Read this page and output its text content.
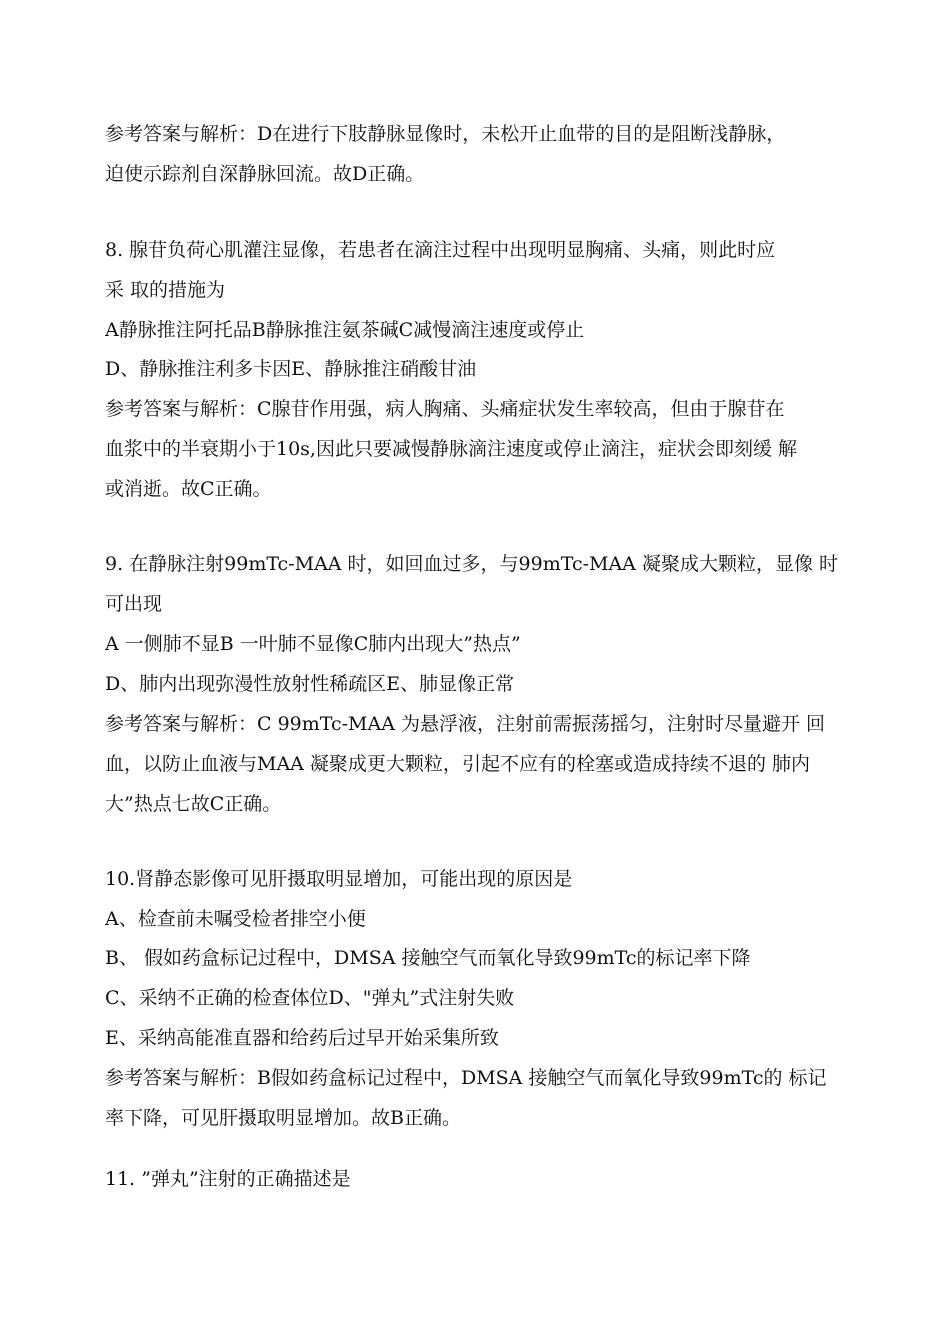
参考答案与解析：D在进行下肢静脉显像时，未松开止血带的目的是阻断浅静脉，
迫使示踪剂自深静脉回流。故D正确。
8. 腺苷负荷心肌灌注显像，若患者在滴注过程中出现明显胸痛、头痛，则此时应
采 取的措施为
A静脉推注阿托品B静脉推注氨茶碱C减慢滴注速度或停止
D、静脉推注利多卡因E、静脉推注硝酸甘油
参考答案与解析：C腺苷作用强，病人胸痛、头痛症状发生率较高，但由于腺苷在
血浆中的半衰期小于10s,因此只要减慢静脉滴注速度或停止滴注，症状会即刻缓 解
或消逝。故C正确。
9. 在静脉注射99mTc-MAA 时，如回血过多，与99mTc-MAA 凝聚成大颗粒，显像 时
可出现
A 一侧肺不显B 一叶肺不显像C肺内出现大”热点”
D、肺内出现弥漫性放射性稀疏区E、肺显像正常
参考答案与解析：C 99mTc-MAA 为悬浮液，注射前需振荡摇匀，注射时尽量避开 回
血，以防止血液与MAA 凝聚成更大颗粒，引起不应有的栓塞或造成持续不退的 肺内
大”热点七故C正确。
10.肾静态影像可见肝摄取明显增加，可能出现的原因是
A、检查前未嘱受检者排空小便
B、 假如药盒标记过程中，DMSA 接触空气而氧化导致99mTc的标记率下降
C、采纳不正确的检查体位D、"弹丸”式注射失败
E、采纳高能准直器和给药后过早开始采集所致
参考答案与解析：B假如药盒标记过程中，DMSA 接触空气而氧化导致99mTc的 标记
率下降，可见肝摄取明显增加。故B正确。
11. ”弹丸”注射的正确描述是
